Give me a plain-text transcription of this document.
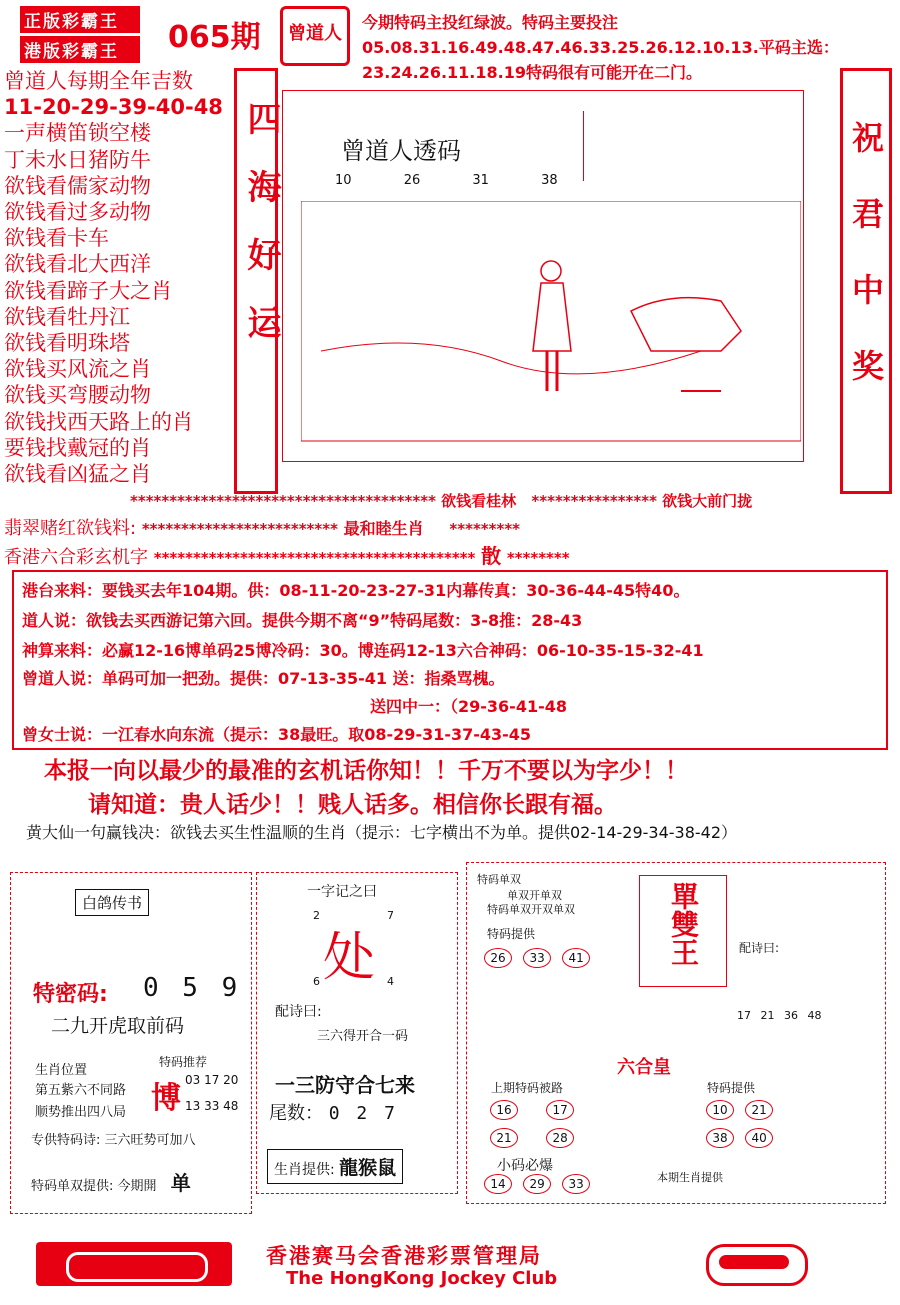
正版彩霸王
港版彩霸王	065期	曾道人
今期特码主投红绿波。特码主要投注05.08.31.16.49.48.47.46.33.25.26.12.10.13.平码主选：23.24.26.11.18.19特码很有可能开在二门。
曾道人每期全年吉数
11-20-29-39-40-48
一声横笛锁空楼
丁未水日猪防牛
欲钱看儒家动物
欲钱看过多动物
欲钱看卡车
欲钱看北大西洋
欲钱看蹄子大之肖
欲钱看牡丹江
欲钱看明珠塔
欲钱买风流之肖
欲钱买弯腰动物
欲钱找西天路上的肖
要钱找戴冠的肖
欲钱看凶猛之肖
四海好运	曾道人透码
10	26	31	38	祝君中奖
*************************************** 欲钱看桂林 **************** 欲钱大前门拢
翡翠赌红欲钱料: ************************* 最和睦生肖 *********
香港六合彩玄机字 ***************************************** 散 ********
港台来料：要钱买去年104期。供：08-11-20-23-27-31内幕传真：30-36-44-45特40。
道人说：欲钱去买西游记第六回。提供今期不离“9”特码尾数：3-8推：28-43
神算来料：必赢12-16博单码25博冷码：30。博连码12-13六合神码：06-10-35-15-32-41
曾道人说：单码可加一把劲。提供：07-13-35-41 送：指桑骂槐。
送四中一：（29-36-41-48
曾女士说：一江春水向东流（提示：38最旺。取08-29-31-37-43-45
本报一向以最少的最准的玄机话你知！！千万不要以为字少！！
请知道：贵人话少！！贱人话多。相信你长跟有福。
黄大仙一句赢钱决：欲钱去买生性温顺的生肖（提示：七字横出不为单。提供02-14-29-34-38-42）
白鸽传书
特密码: 0 5 9
二九开虎取前码
生肖位置
第五紫六不同路
顺势推出四八局
特码推荐
博
03 17 20
13 33 48
专供特码诗: 三六旺势可加八
特码单双提供: 今期開 单
一字记之曰
2	7
处
6	4
配诗曰:
三六得开合一码
一三防守合七来
尾数： 0 2 7
生肖提供: 龍猴鼠
特码单双
单双开单双
特码单双开双单双
特码提供
26 33 41	單雙王	配诗曰:
17 21 36 48
六合皇
上期特码被路
16	17 21	28
特码提供
10 21 38 40
小码必爆
14 29 33	本期生肖提供
香港赛马会香港彩票管理局
The HongKong Jockey Club
